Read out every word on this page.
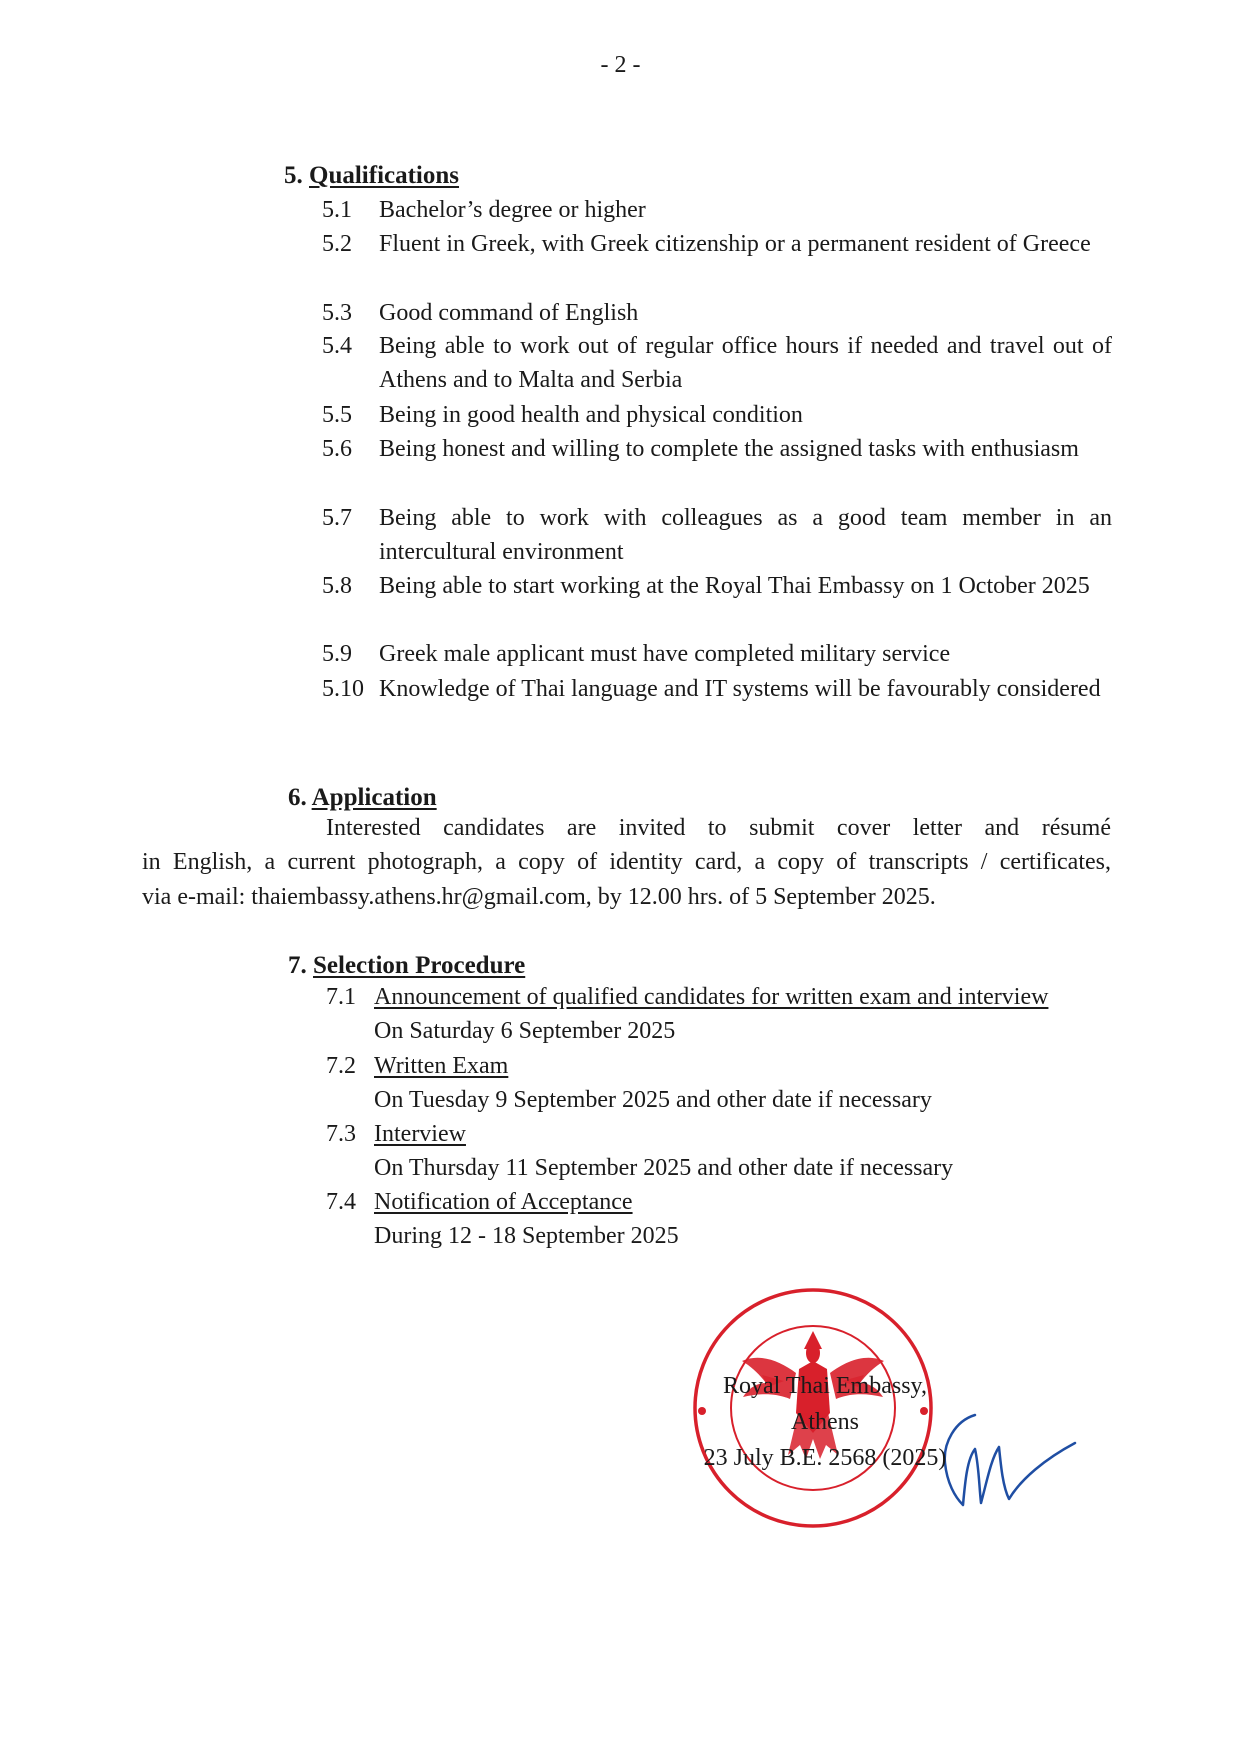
- 2 -
5. Qualifications
5.1 Bachelor’s degree or higher
5.2 Fluent in Greek, with Greek citizenship or a permanent resident of Greece
5.3 Good command of English
5.4 Being able to work out of regular office hours if needed and travel out of Athens and to Malta and Serbia
5.5 Being in good health and physical condition
5.6 Being honest and willing to complete the assigned tasks with enthusiasm
5.7 Being able to work with colleagues as a good team member in an intercultural environment
5.8 Being able to start working at the Royal Thai Embassy on 1 October 2025
5.9 Greek male applicant must have completed military service
5.10 Knowledge of Thai language and IT systems will be favourably considered
6. Application
Interested candidates are invited to submit cover letter and résumé
in English, a current photograph, a copy of identity card, a copy of transcripts / certificates,
via e-mail: thaiembassy.athens.hr@gmail.com, by 12.00 hrs. of 5 September 2025.
7. Selection Procedure
7.1 Announcement of qualified candidates for written exam and interview
On Saturday 6 September 2025
7.2 Written Exam
On Tuesday 9 September 2025 and other date if necessary
7.3 Interview
On Thursday 11 September 2025 and other date if necessary
7.4 Notification of Acceptance
During 12 - 18 September 2025
Royal Thai Embassy,
Athens
23 July B.E. 2568 (2025)
